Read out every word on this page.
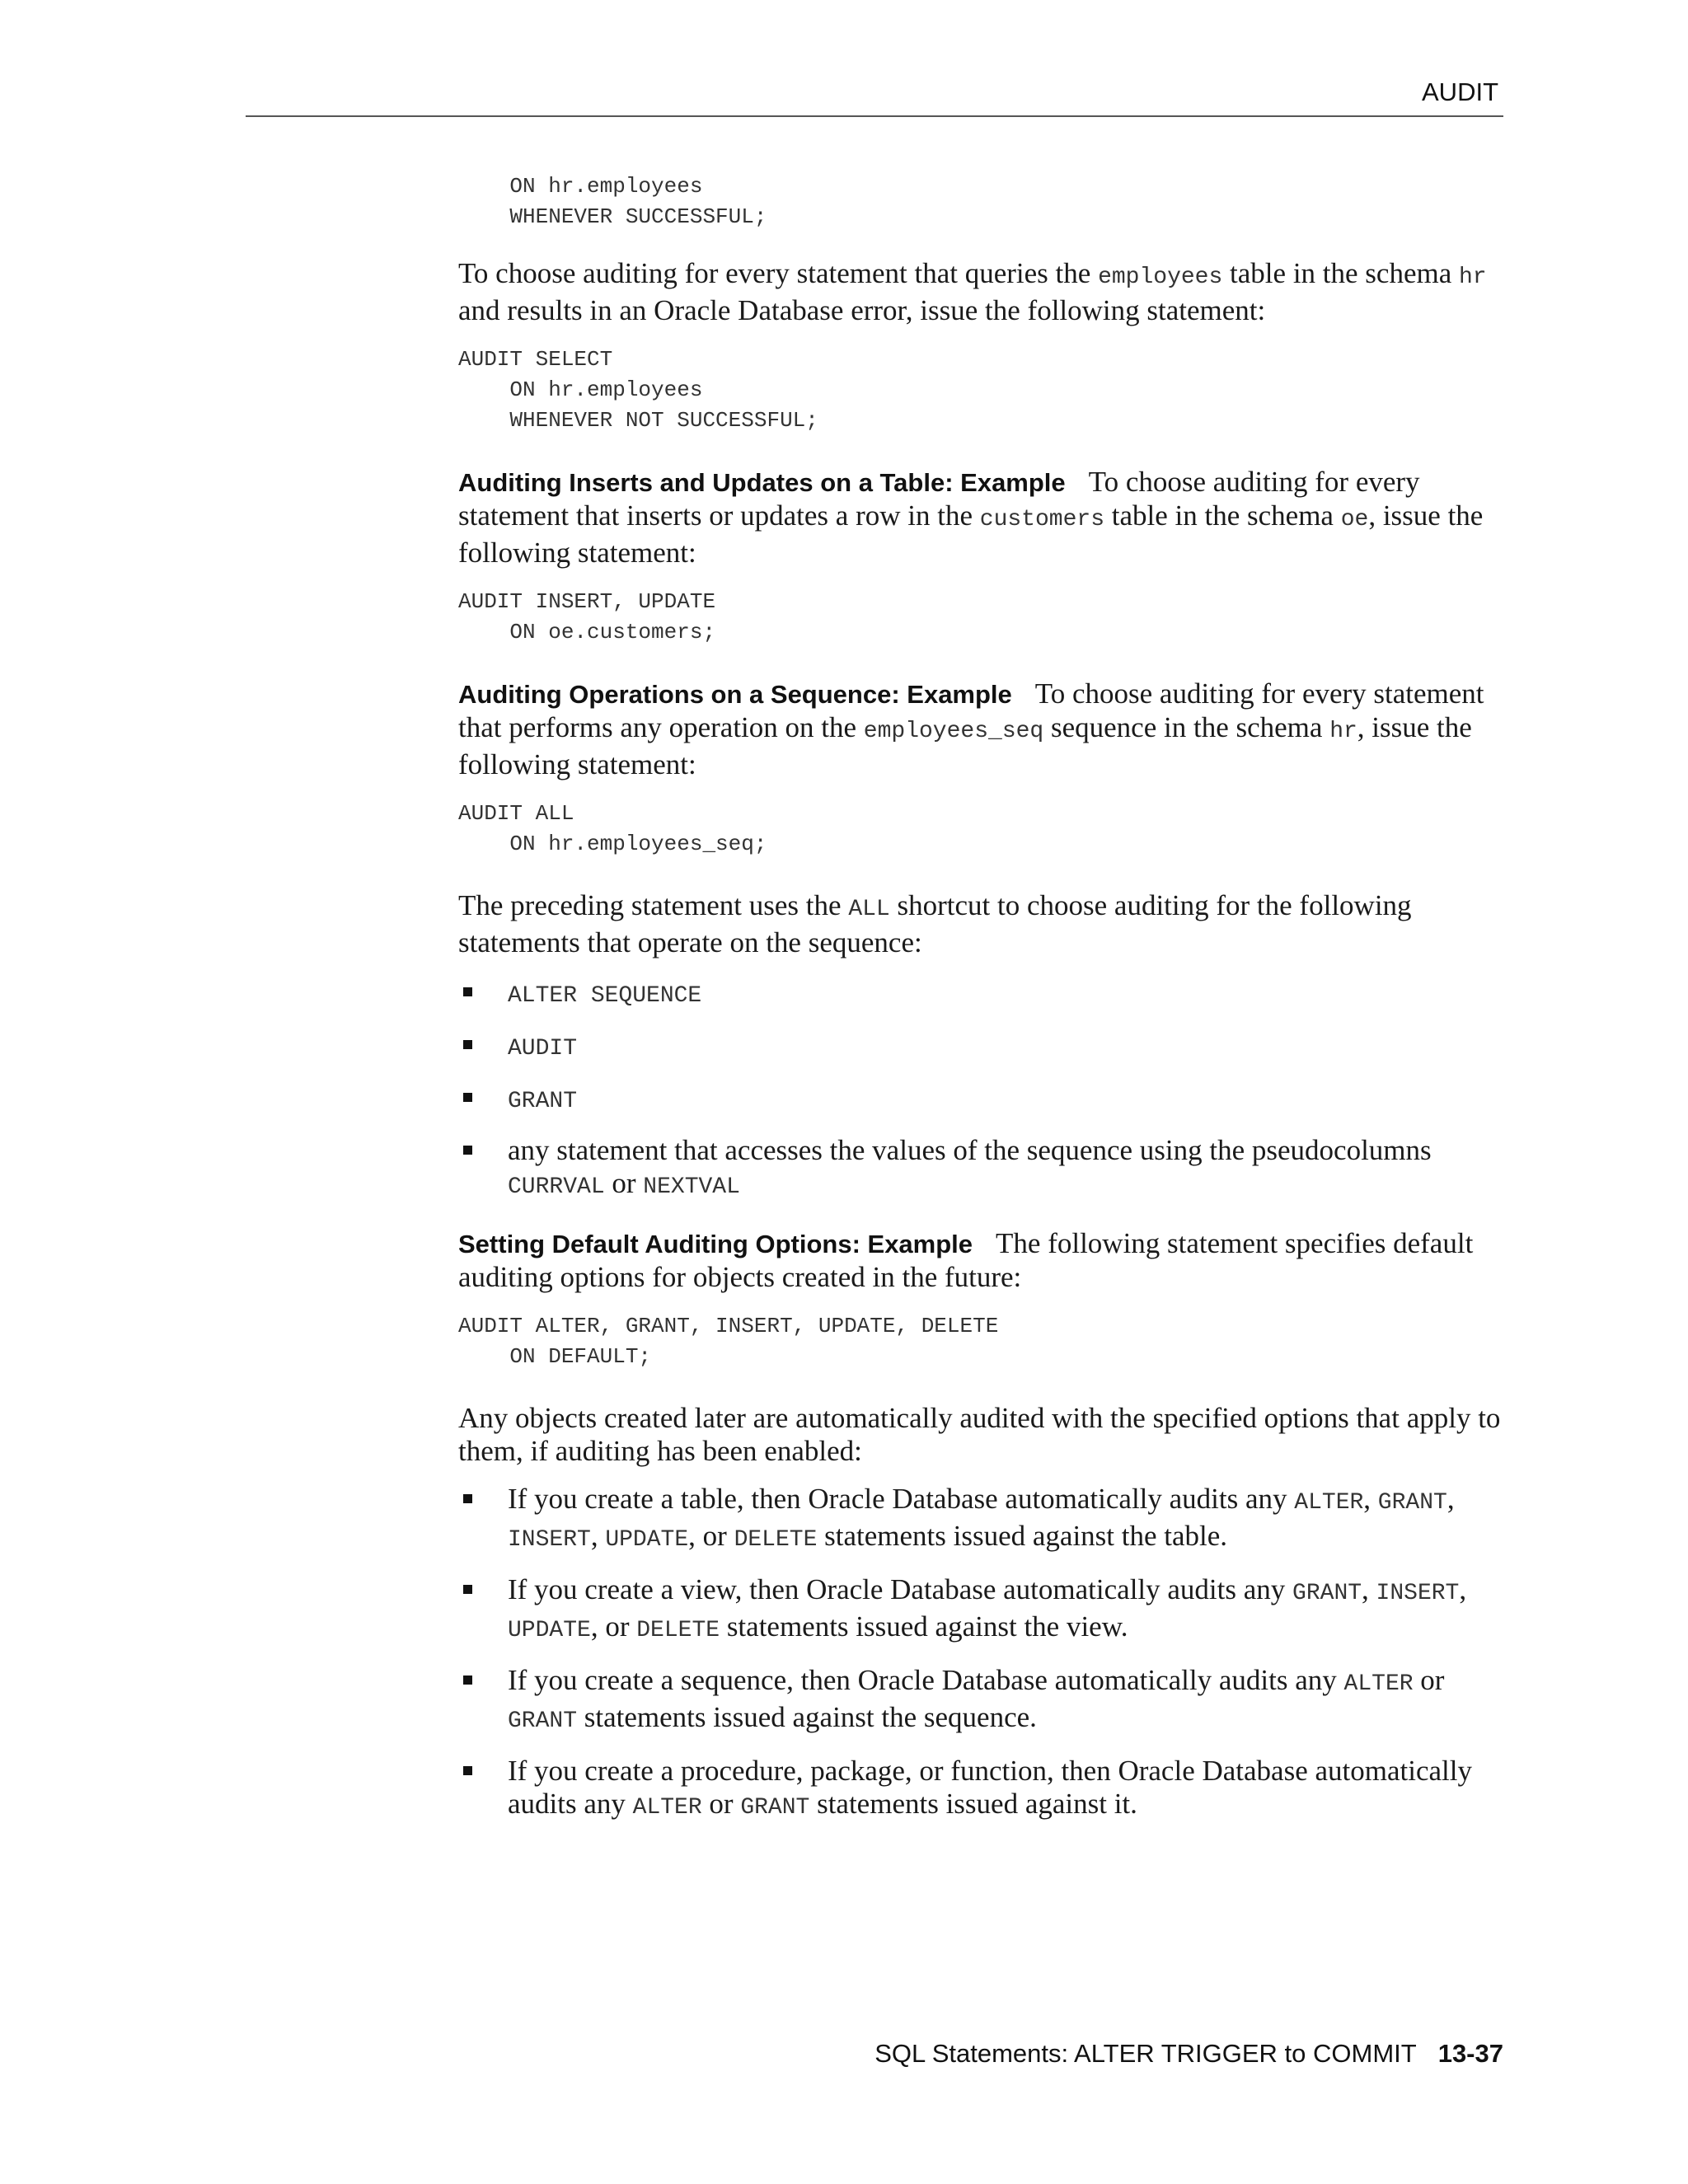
AUDIT
ON hr.employees
WHENEVER SUCCESSFUL;

To choose auditing for every statement that queries the employees table in the schema hr and results in an Oracle Database error, issue the following statement:

AUDIT SELECT
ON hr.employees
WHENEVER NOT SUCCESSFUL;

Auditing Inserts and Updates on a Table: Example To choose auditing for every statement that inserts or updates a row in the customers table in the schema oe, issue the following statement:

AUDIT INSERT, UPDATE
ON oe.customers;

Auditing Operations on a Sequence: Example To choose auditing for every statement that performs any operation on the employees_seq sequence in the schema hr, issue the following statement:

AUDIT ALL
ON hr.employees_seq;

The preceding statement uses the ALL shortcut to choose auditing for the following statements that operate on the sequence:

ALTER SEQUENCE
AUDIT
GRANT
any statement that accesses the values of the sequence using the pseudocolumns CURRVAL or NEXTVAL

Setting Default Auditing Options: Example The following statement specifies default auditing options for objects created in the future:

AUDIT ALTER, GRANT, INSERT, UPDATE, DELETE
ON DEFAULT;

Any objects created later are automatically audited with the specified options that apply to them, if auditing has been enabled:

If you create a table, then Oracle Database automatically audits any ALTER, GRANT, INSERT, UPDATE, or DELETE statements issued against the table.
If you create a view, then Oracle Database automatically audits any GRANT, INSERT, UPDATE, or DELETE statements issued against the view.
If you create a sequence, then Oracle Database automatically audits any ALTER or GRANT statements issued against the sequence.
If you create a procedure, package, or function, then Oracle Database automatically audits any ALTER or GRANT statements issued against it.
SQL Statements: ALTER TRIGGER to COMMIT 13-37
